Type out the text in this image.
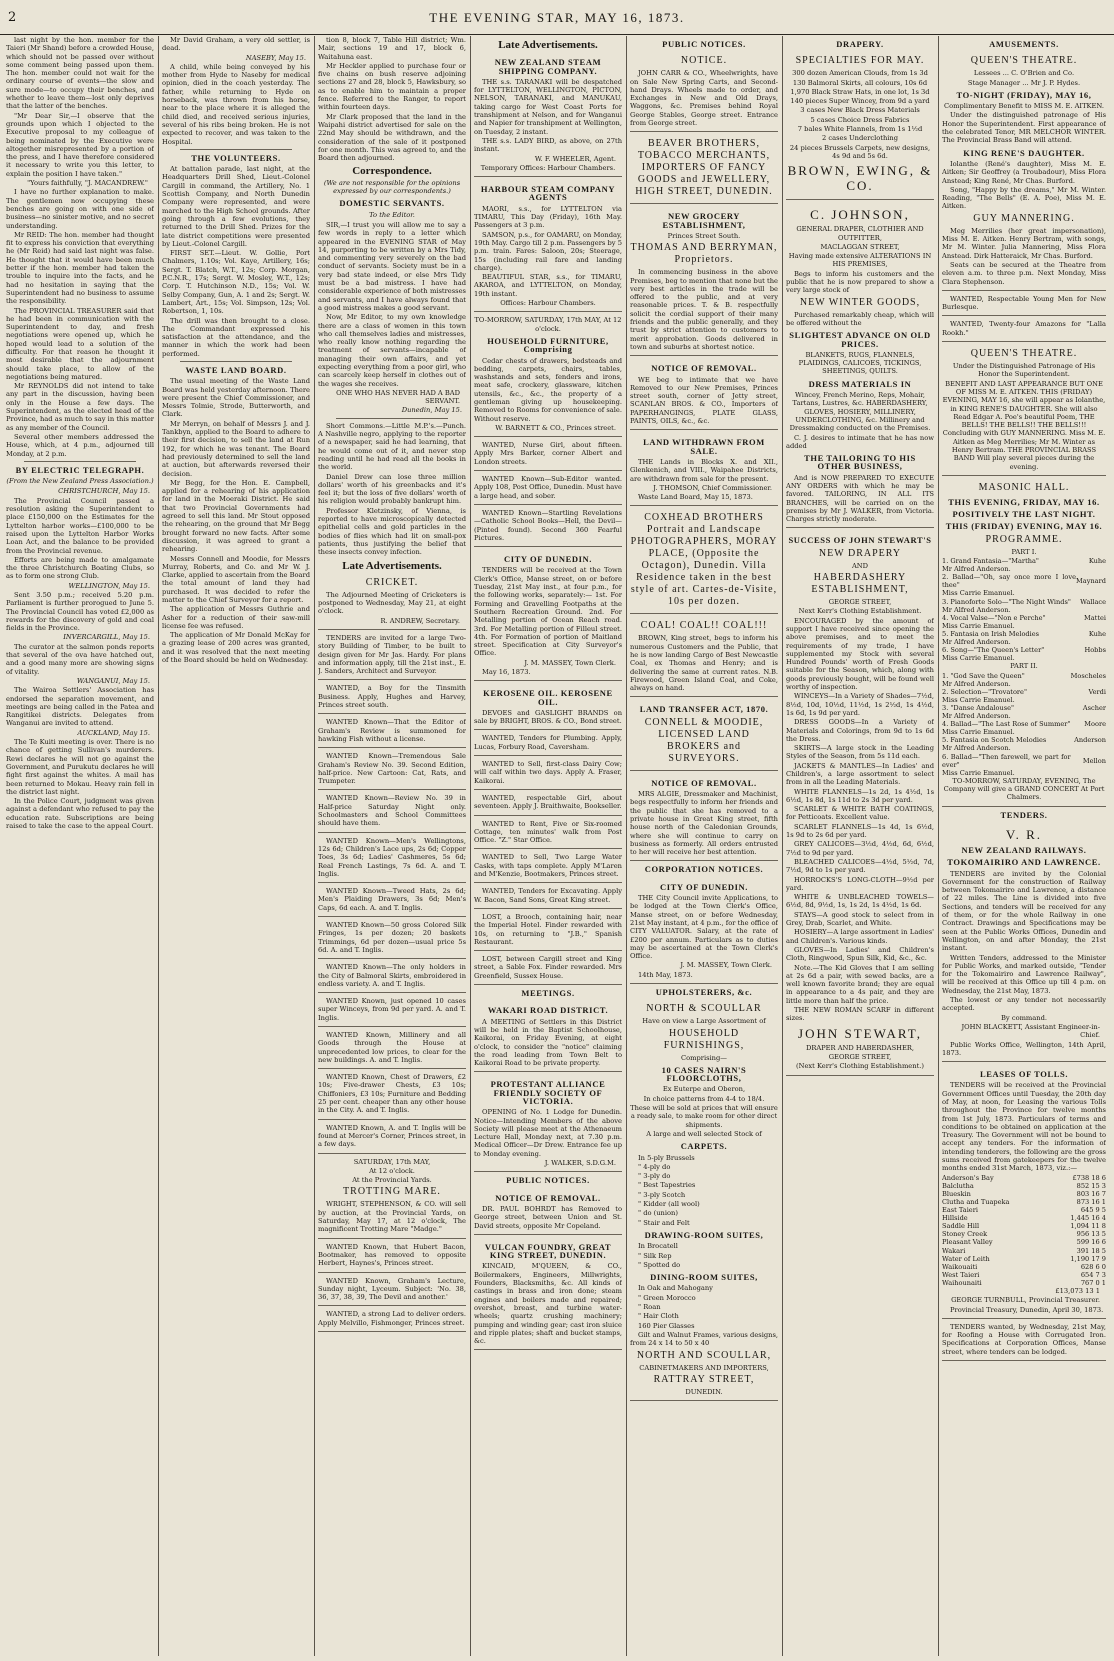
2	THE EVENING STAR, MAY 16, 1873.

last night by the hon. member for the Taieri (Mr Shand) before a crowded House, which should not be passed over without some comment being passed upon them. The hon. member could not wait for the ordinary course of events—the slow and sure mode—to occupy their benches, and whether to leave them—lost only deprives that the latter of the benches.

"Mr Dear Sir,—I observe that the grounds upon which I objected to the Executive proposal to my colleague of being nominated by the Executive were altogether misrepresented by a portion of the press, and I have therefore considered it necessary to write you this letter, to explain the position I have taken."

"Yours faithfully, "J. MACANDREW."

I have no further explanation to make. The gentlemen now occupying these benches are going on with one side of business—no sinister motive, and no secret understanding.

Mr REID: The hon. member had thought fit to express his conviction that everything he (Mr Reid) had said last night was false. He thought that it would have been much better if the hon. member had taken the trouble to inquire into the facts, and he had no hesitation in saying that the Superintendent had no business to assume the responsibility.

The PROVINCIAL TREASURER said that he had been in communication with the Superintendent to day, and fresh negotiations were opened up, which he hoped would lead to a solution of the difficulty. For that reason he thought it most desirable that the adjournment should take place, to allow of the negotiations being matured.

Mr REYNOLDS did not intend to take any part in the discussion, having been only in the House a few days. The Superintendent, as the elected head of the Province, had as much to say in this matter as any member of the Council.

Several other members addressed the House, which, at 4 p.m., adjourned till Monday, at 2 p.m.

BY ELECTRIC TELEGRAPH.

(From the New Zealand Press Association.)

CHRISTCHURCH, May 15.

The Provincial Council passed a resolution asking the Superintendent to place £150,000 on the Estimates for the Lyttelton harbor works—£100,000 to be raised upon the Lyttelton Harbor Works Loan Act, and the balance to be provided from the Provincial revenue.

Efforts are being made to amalgamate the three Christchurch Boating Clubs, so as to form one strong Club.

WELLINGTON, May 15.

Sent 3.50 p.m.; received 5.20 p.m. Parliament is further prorogued to June 5. The Provincial Council has voted £2,000 as rewards for the discovery of gold and coal fields in the Province.

INVERCARGILL, May 15.

The curator at the salmon ponds reports that several of the ova have hatched out, and a good many more are showing signs of vitality.

WANGANUI, May 15.

The Wairoa Settlers' Association has endorsed the separation movement, and meetings are being called in the Patea and Rangitikei districts. Delegates from Wanganui are invited to attend.

AUCKLAND, May 15.

The Te Kuiti meeting is over. There is no chance of getting Sullivan's murderers. Rewi declares he will not go against the Government, and Purukutu declares he will fight first against the whites. A mail has been returned to Mokau. Heavy rain fell in the district last night.

In the Police Court, judgment was given against a defendant who refused to pay the education rate. Subscriptions are being raised to take the case to the appeal Court.

Mr David Graham, a very old settler, is dead.

NASEBY, May 15.

A child, while being conveyed by his mother from Hyde to Naseby for medical opinion, died in the coach yesterday. The father, while returning to Hyde on horseback, was thrown from his horse, near to the place where it is alleged the child died, and received serious injuries, several of his ribs being broken. He is not expected to recover, and was taken to the Hospital.

THE VOLUNTEERS.

At battalion parade, last night, at the Headquarters Drill Shed, Lieut.-Colonel Cargill in command, the Artillery, No. 1 Scottish Company, and North Dunedin Company were represented, and were marched to the High School grounds. After going through a few evolutions, they returned to the Drill Shed. Prizes for the late district competitions were presented by Lieut.-Colonel Cargill.

FIRST SET.—Lieut. W. Gollie, Port Chalmers, 1.10s; Vol. Kaye, Artillery, 16s; Sergt. T. Blatch, W.T., 12s; Corp. Morgan, P.C.N.R., 17s; Sergt. W. Mosley, W.T., 12s; Corp. T. Hutchinson N.D., 15s; Vol. W. Selby Company, Gun, A. 1 and 2s; Sergt. W. Lambert, Art., 15s; Vol. Simpson, 12s; Vol. Robertson, 1, 10s.

The drill was then brought to a close. The Commandant expressed his satisfaction at the attendance, and the manner in which the work had been performed.

WASTE LAND BOARD.

The usual meeting of the Waste Land Board was held yesterday afternoon. There were present the Chief Commissioner, and Messrs Tolmie, Strode, Butterworth, and Clark.

Mr Merryn, on behalf of Messrs J. and J. Tankbyn, applied to the Board to adhere to their first decision, to sell the land at Run 192, for which he was tenant. The Board had previously determined to sell the land at auction, but afterwards reversed their decision.

Mr Begg, for the Hon. E. Campbell, applied for a rehearing of his application for land in the Moeraki District. He said that two Provincial Governments had agreed to sell this land. Mr Stout opposed the rehearing, on the ground that Mr Begg brought forward no new facts. After some discussion, it was agreed to grant a rehearing.

Messrs Connell and Moodie, for Messrs Murray, Roberts, and Co. and Mr W. J. Clarke, applied to ascertain from the Board the total amount of land they had purchased. It was decided to refer the matter to the Chief Surveyor for a report.

The application of Messrs Guthrie and Asher for a reduction of their saw-mill license fee was refused.

The application of Mr Donald McKay for a grazing lease of 200 acres was granted, and it was resolved that the next meeting of the Board should be held on Wednesday.

tion 8, block 7, Table Hill district; Wm. Mair, sections 19 and 17, block 6, Waitahuna east.

Mr Heckler applied to purchase four or five chains on bush reserve adjoining sections 27 and 28, block 5, Hawksbury, so as to enable him to maintain a proper fence. Referred to the Ranger, to report within fourteen days.

Mr Clark proposed that the land in the Waipahi district advertised for sale on the 22nd May should be withdrawn, and the consideration of the sale of it postponed for one month. This was agreed to, and the Board then adjourned.

Correspondence.

(We are not responsible for the opinions expressed by our correspondents.)

DOMESTIC SERVANTS.

To the Editor.

SIR,—I trust you will allow me to say a few words in reply to a letter which appeared in the EVENING STAR of May 14, purporting to be written by a Mrs Tidy, and commenting very severely on the bad conduct of servants. Society must be in a very bad state indeed, or else Mrs Tidy must be a bad mistress. I have had considerable experience of both mistresses and servants, and I have always found that a good mistress makes a good servant.

Now, Mr Editor, to my own knowledge there are a class of women in this town who call themselves ladies and mistresses, who really know nothing regarding the treatment of servants—incapable of managing their own affairs, and yet expecting everything from a poor girl, who can scarcely keep herself in clothes out of the wages she receives.

ONE WHO HAS NEVER HAD A BAD SERVANT.

Dunedin, May 15.

Short Commons.—Little M.P.'s.—Punch. A Nashville negro, applying to the reporter of a newspaper, said he had learning, that he would come out of it, and never stop reading until he had read all the books in the world.

Daniel Drew can lose three million dollars' worth of his greenbacks and it's feel it; but the loss of five dollars' worth of his religion would probably bankrupt him.

Professor Kletzinsky, of Vienna, is reported to have microscopically detected epithelial cells and gold particles in the bodies of flies which had lit on small-pox patients, thus justifying the belief that these insects convey infection.

Late Advertisements.

CRICKET.

The Adjourned Meeting of Cricketers is postponed to Wednesday, May 21, at eight o'clock.

R. ANDREW, Secretary.

TENDERS are invited for a large Two-story Building of Timber, to be built to design given for Mr Jas. Hardy. For plans and information apply, till the 21st inst., E. J. Sanders, Architect and Surveyor.

WANTED, a Boy for the Tinsmith Business. Apply, Hughes and Harvey, Princes street south.

WANTED Known—That the Editor of Graham's Review is summoned for hawking Fish without a license.

WANTED Known—Tremendous Sale Graham's Review No. 39. Second Edition, half-price. New Cartoon: Cat, Rats, and Trumpeter.

WANTED Known—Review No. 39 in Half-price Saturday Night only. Schoolmasters and School Committees should have them.

WANTED Known—Men's Wellingtons, 12s 6d; Children's Lace ups, 2s 6d; Copper Toes, 3s 6d; Ladies' Cashmeres, 5s 6d; Real French Lastings, 7s 6d. A. and T. Inglis.

WANTED Known—Tweed Hats, 2s 6d; Men's Plaiding Drawers, 3s 6d; Men's Caps, 6d each. A. and T. Inglis.

WANTED Known—50 gross Colored Silk Fringes, 1s per dozen; 20 baskets Trimmings, 6d per dozen—usual price 5s 6d. A. and T. Inglis.

WANTED Known—The only holders in the City of Balmoral Skirts, embroidered in endless variety. A. and T. Inglis.

WANTED Known, just opened 10 cases super Winceys, from 9d per yard. A. and T. Inglis.

WANTED Known, Millinery and all Goods through the House at unprecedented low prices, to clear for the new buildings. A. and T. Inglis.

WANTED Known, Chest of Drawers, £2 10s; Five-drawer Chests, £3 10s; Chiffoniers, £3 10s; Furniture and Bedding 25 per cent. cheaper than any other house in the City. A. and T. Inglis.

WANTED Known, A. and T. Inglis will be found at Mercer's Corner, Princes street, in a few days.

SATURDAY, 17th MAY,

At 12 o'clock.

At the Provincial Yards.

TROTTING MARE.

WRIGHT, STEPHENSON, & CO. will sell by auction, at the Provincial Yards, on Saturday, May 17, at 12 o'clock, The magnificent Trotting Mare "Madge."

WANTED Known, that Hubert Bacon, Bootmaker, has removed to opposite Herbert, Haynes's, Princes street.

WANTED Known, Graham's Lecture, Sunday night, Lyceum. Subject: 'No. 38, 36, 37, 38, 39, The Devil and another.'

WANTED, a strong Lad to deliver orders. Apply Melvillo, Fishmonger, Princes street.

Late Advertisements.

NEW ZEALAND STEAM SHIPPING COMPANY.

THE s.s. TARANAKI will be despatched for LYTTELTON, WELLINGTON, PICTON, NELSON, TARANAKI, and MANUKAU, taking cargo for West Coast Ports for transhipment at Nelson, and for Wanganui and Napier for transhipment at Wellington, on Tuesday, 2 instant.

THE s.s. LADY BIRD, as above, on 27th instant.

W. F. WHEELER, Agent.

Temporary Offices: Harbour Chambers.

HARBOUR STEAM COMPANY AGENTS

MAORI, s.s., for LYTTELTON via TIMARU, This Day (Friday), 16th May. Passengers at 3 p.m.

SAMSON, p.s., for OAMARU, on Monday, 19th May. Cargo till 2 p.m. Passengers by 5 p.m. train. Fares: Saloon, 20s; Steerage, 15s (including rail fare and landing charge).

BEAUTIFUL STAR, s.s., for TIMARU, AKAROA, and LYTTELTON, on Monday, 19th instant.

Offices: Harbour Chambers.

TO-MORROW, SATURDAY, 17th MAY, At 12 o'clock.

HOUSEHOLD FURNITURE, Comprising

Cedar chests of drawers, bedsteads and bedding, carpets, chairs, tables, washstands and sets, fenders and irons, meat safe, crockery, glassware, kitchen utensils, &c., &c., the property of a gentleman giving up housekeeping. Removed to Rooms for convenience of sale. Without reserve.

W. BARNETT & CO., Princes street.

WANTED, Nurse Girl, about fifteen. Apply Mrs Barker, corner Albert and London streets.

WANTED Known—Sub-Editor wanted. Apply 108, Post Office, Dunedin. Must have a large head, and sober.

WANTED Known—Startling Revelations—Catholic School Books—Hell, the Devil—(Pinted found). Second 360 Fearful Pictures.

CITY OF DUNEDIN.

TENDERS will be received at the Town Clerk's Office, Manse street, on or before Tuesday, 21st May inst., at four p.m., for the following works, separately:— 1st. For Forming and Gravelling Footpaths at the Southern Recreation Ground. 2nd. For Metalling portion of Ocean Reach road. 3rd. For Metalling portion of Filleul street. 4th. For Formation of portion of Maitland street. Specification at City Surveyor's Office.

J. M. MASSEY, Town Clerk.

May 16, 1873.

KEROSENE OIL. KEROSENE OIL.

DEVOES and GASLIGHT BRANDS on sale by BRIGHT, BROS. & CO., Bond street.

WANTED, Tenders for Plumbing. Apply, Lucas, Forbury Road, Caversham.

WANTED to Sell, first-class Dairy Cow; will calf within two days. Apply A. Fraser, Kaikorai.

WANTED, respectable Girl, about seventeen. Apply J. Braithwaite, Bookseller.

WANTED to Rent, Five or Six-roomed Cottage, ten minutes' walk from Post Office. "Z." Star Office.

WANTED to Sell, Two Large Water Casks, with taps complete. Apply M'Laren and M'Kenzie, Bootmakers, Princes street.

WANTED, Tenders for Excavating. Apply W. Bacon, Sand Sons, Great King street.

LOST, a Brooch, containing hair, near the Imperial Hotel. Finder rewarded with 10s, on returning to "J.B.," Spanish Restaurant.

LOST, between Cargill street and King street, a Sable Fox. Finder rewarded. Mrs Greenfield, Sussex House.

MEETINGS.

WAKARI ROAD DISTRICT.

A MEETING of Settlers in this District will be held in the Baptist Schoolhouse, Kaikorai, on Friday Evening, at eight o'clock, to consider the "notice" claiming the road leading from Town Belt to Kaikorai Road to be private property.

PROTESTANT ALLIANCE FRIENDLY SOCIETY OF VICTORIA.

OPENING of No. 1 Lodge for Dunedin. Notice—Intending Members of the above Society will please meet at the Athenaeum Lecture Hall, Monday next, at 7.30 p.m. Medical Officer—Dr Drew. Entrance fee up to Monday evening.

J. WALKER, S.D.G.M.

PUBLIC NOTICES.

NOTICE OF REMOVAL.

DR. PAUL BOHRDT has Removed to George street, between Union and St. David streets, opposite Mr Copeland.

VULCAN FOUNDRY, GREAT KING STREET, DUNEDIN.

KINCAID, M'QUEEN, & CO., Boilermakers, Engineers, Millwrights, Founders, Blacksmiths, &c. All kinds of castings in brass and iron done; steam engines and boilers made and repaired; overshot, breast, and turbine water-wheels; quartz crushing machinery; pumping and winding gear; cast iron sluice and ripple plates; shaft and bucket stamps, &c.

PUBLIC NOTICES.

NOTICE.

JOHN CARR & CO., Wheelwrights, have on Sale New Spring Carts, and Second-hand Drays. Wheels made to order, and Exchanges in New and Old Drays, Waggons, &c. Premises behind Royal George Stables, George street. Entrance from George street.

BEAVER BROTHERS, TOBACCO MERCHANTS, IMPORTERS OF FANCY GOODS and JEWELLERY, HIGH STREET, DUNEDIN.

NEW GROCERY ESTABLISHMENT,

Princes Street South.

THOMAS AND BERRYMAN, Proprietors.

In commencing business in the above Premises, beg to mention that none but the very best articles in the trade will be offered to the public, and at very reasonable prices. T. & B. respectfully solicit the cordial support of their many friends and the public generally, and they trust by strict attention to customers to merit approbation. Goods delivered in town and suburbs at shortest notice.

NOTICE OF REMOVAL.

WE beg to intimate that we have Removed to our New Premises, Princes street south, corner of Jetty street, SCANLAN BROS. & CO., Importers of PAPERHANGINGS, PLATE GLASS, PAINTS, OILS, &c., &c.

LAND WITHDRAWN FROM SALE.

THE Lands in Blocks X. and XII., Glenkenich, and VIII., Waipahee Districts, are withdrawn from sale for the present.

J. THOMSON, Chief Commissioner.

Waste Land Board, May 15, 1873.

COXHEAD BROTHERS Portrait and Landscape PHOTOGRAPHERS, MORAY PLACE, (Opposite the Octagon), Dunedin. Villa Residence taken in the best style of art. Cartes-de-Visite, 10s per dozen.

COAL! COAL!! COAL!!!

BROWN, King street, begs to inform his numerous Customers and the Public, that he is now landing Cargo of Best Newcastle Coal, ex Thomas and Henry; and is delivering the same at current rates. N.B. Firewood, Green Island Coal, and Coke, always on hand.

LAND TRANSFER ACT, 1870.

CONNELL & MOODIE, LICENSED LAND BROKERS and SURVEYORS.

NOTICE OF REMOVAL.

MRS ALGIE, Dressmaker and Machinist, begs respectfully to inform her friends and the public that she has removed to a private house in Great King street, fifth house north of the Caledonian Grounds, where she will continue to carry on business as formerly. All orders entrusted to her will receive her best attention.

CORPORATION NOTICES.

CITY OF DUNEDIN.

THE City Council invite Applications, to be lodged at the Town Clerk's Office, Manse street, on or before Wednesday, 21st May instant, at 4 p.m., for the office of CITY VALUATOR. Salary, at the rate of £200 per annum. Particulars as to duties may be ascertained at the Town Clerk's Office.

J. M. MASSEY, Town Clerk.

14th May, 1873.

UPHOLSTERERS, &c.

NORTH & SCOULLAR

Have on view a Large Assortment of

HOUSEHOLD FURNISHINGS,

Comprising—

10 CASES NAIRN'S FLOORCLOTHS,

Ex Euterpe and Oberon,

In choice patterns from 4-4 to 18/4.

These will be sold at prices that will ensure a ready sale, to make room for other direct shipments.

A large and well selected Stock of

CARPETS.

In 5-ply Brussels

" 4-ply do

" 3-ply do

" Best Tapestries

" 3-ply Scotch

" Kidder (all wool)

" do (union)

" Stair and Felt

DRAWING-ROOM SUITES,

In Brocatell

" Silk Rep

" Spotted do

DINING-ROOM SUITES,

In Oak and Mahogany

" Green Morocco

" Roan

" Hair Cloth

160 Pier Glasses

Gilt and Walnut Frames, various designs, from 24 x 14 to 50 x 40

NORTH AND SCOULLAR,

CABINETMAKERS AND IMPORTERS,

RATTRAY STREET,

DUNEDIN.

DRAPERY.

SPECIALTIES FOR MAY.

300 dozen American Clouds, from 1s 3d

130 Balmoral Skirts, all colours, 10s 6d

1,970 Black Straw Hats, in one lot, 1s 3d

140 pieces Super Wincey, from 9d a yard

3 cases New Black Dress Materials

5 cases Choice Dress Fabrics

7 bales White Flannels, from 1s 1½d

2 cases Underclothing

24 pieces Brussels Carpets, new designs, 4s 9d and 5s 6d.

BROWN, EWING, & CO.

C. JOHNSON,

GENERAL DRAPER, CLOTHIER AND OUTFITTER,

MACLAGGAN STREET,

Having made extensive ALTERATIONS IN HIS PREMISES,

Begs to inform his customers and the public that he is now prepared to show a very large stock of

NEW WINTER GOODS,

Purchased remarkably cheap, which will be offered without the

SLIGHTEST ADVANCE ON OLD PRICES.

BLANKETS, RUGS, FLANNELS, PLAIDINGS, CALICOES, TICKINGS, SHEETINGS, QUILTS.

DRESS MATERIALS IN

Wincey, French Merino, Reps, Mohair, Tartans, Lustres, &c. HABERDASHERY, GLOVES, HOSIERY, MILLINERY, UNDERCLOTHING, &c. Millinery and Dressmaking conducted on the Premises.

C. J. desires to intimate that he has now added

THE TAILORING TO HIS OTHER BUSINESS,

And is NOW PREPARED TO EXECUTE ANY ORDERS with which he may be favored. TAILORING, IN ALL ITS BRANCHES, will be carried on on the premises by Mr J. WALKER, from Victoria. Charges strictly moderate.

SUCCESS OF JOHN STEWART'S

NEW DRAPERY

AND

HABERDASHERY ESTABLISHMENT,

GEORGE STREET,

Next Kerr's Clothing Establishment.

ENCOURAGED by the amount of support I have received since opening the above premises, and to meet the requirements of my trade, I have supplemented my Stock with several Hundred Pounds' worth of Fresh Goods suitable for the Season, which, along with goods previously bought, will be found well worthy of inspection.

WINCEYS—In a Variety of Shades—7½d, 8½d, 10d, 10½d, 11½d, 1s 2½d, 1s 4½d, 1s 6d, 1s 9d per yard.

DRESS GOODS—In a Variety of Materials and Colorings, from 9d to 1s 6d the Dress.

SKIRTS—A large stock in the Leading Styles of the Season, from 5s 11d each.

JACKETS & MANTLES—In Ladies' and Children's, a large assortment to select from in all the Leading Materials.

WHITE FLANNELS—1s 2d, 1s 4½d, 1s 6½d, 1s 8d, 1s 11d to 2s 3d per yard.

SCARLET & WHITE BATH COATINGS, for Petticoats. Excellent value.

SCARLET FLANNELS—1s 4d, 1s 6½d, 1s 9d to 2s 6d per yard.

GREY CALICOES—3½d, 4½d, 6d, 6½d, 7½d to 9d per yard.

BLEACHED CALICOES—4½d, 5½d, 7d, 7½d, 9d to 1s per yard.

HORROCKS'S LONG-CLOTH—9½d per yard.

WHITE & UNBLEACHED TOWELS—6½d, 8d, 9½d, 1s, 1s 2d, 1s 4½d, 1s 6d.

STAYS—A good stock to select from in Grey, Drab, Scarlet, and White.

HOSIERY—A large assortment in Ladies' and Children's. Various kinds.

GLOVES—In Ladies' and Children's Cloth, Ringwood, Spun Silk, Kid, &c., &c.

Note.—The Kid Gloves that I am selling at 2s 6d a pair, with sewed backs, are a well known favorite brand; they are equal in appearance to a 4s pair, and they are little more than half the price.

THE NEW ROMAN SCARF in different sizes.

JOHN STEWART,

DRAPER AND HABERDASHER,

GEORGE STREET,

(Next Kerr's Clothing Establishment.)

AMUSEMENTS.

QUEEN'S THEATRE.

Lessees ... C. O'Brien and Co.

Stage Manager ... Mr J. P. Hydes.

TO-NIGHT (FRIDAY), MAY 16,

Complimentary Benefit to MISS M. E. AITKEN.

Under the distinguished patronage of His Honor the Superintendent. First appearance of the celebrated Tenor, MR MELCHOR WINTER. The Provincial Brass Band will attend.

KING RENE'S DAUGHTER.

Iolanthe (René's daughter), Miss M. E. Aitken; Sir Geoffrey (a Troubadour), Miss Flora Anstead; King René, Mr Chas. Burford.

Song, "Happy by the dreams," Mr M. Winter. Reading, "The Bells" (E. A. Poe), Miss M. E. Aitken.

GUY MANNERING.

Meg Merrilies (her great impersonation), Miss M. E. Aitken. Henry Bertram, with songs, Mr M. Winter. Julia Mannering, Miss Flora Anstead. Dirk Hatteraick, Mr Chas. Burford.

Seats can be secured at the Theatre from eleven a.m. to three p.m. Next Monday, Miss Clara Stephenson.

WANTED, Respectable Young Men for New Burlesque.

WANTED, Twenty-four Amazons for "Lalla Rookh."

QUEEN'S THEATRE.

Under the Distinguished Patronage of His Honor the Superintendent.

BENEFIT AND LAST APPEARANCE BUT ONE OF MISS M. E. AITKEN. THIS (FRIDAY) EVENING, MAY 16, she will appear as Iolanthe, in KING RENE'S DAUGHTER. She will also Read Edgar A. Poe's beautiful Poem, THE BELLS! THE BELLS!! THE BELLS!!! Concluding with GUY MANNERING. Miss M. E. Aitken as Meg Merrilies; Mr M. Winter as Henry Bertram. THE PROVINCIAL BRASS BAND Will play several pieces during the evening.

MASONIC HALL.

THIS EVENING, FRIDAY, MAY 16.

POSITIVELY THE LAST NIGHT.

THIS (FRIDAY) EVENING, MAY 16.

PROGRAMME.

PART I.

1. Grand Fantasia—"Martha"	Kuhe
Mr Alfred Anderson.	
2. Ballad—"Oh, say once more I love thee"	Maynard
Miss Carrie Emanuel.	
3. Pianoforte Solo—"The Night Winds"	Wallace
Mr Alfred Anderson.	
4. Vocal Valse—"Non e Perche"	Mattei
Miss Carrie Emanuel.	
5. Fantasia on Irish Melodies	Kuhe
Mr Alfred Anderson.	
6. Song—"The Queen's Letter"	Hobbs
Miss Carrie Emanuel.	

PART II.

1. "God Save the Queen"	Moscheles
Mr Alfred Anderson.	
2. Selection—"Trovatore"	Verdi
Miss Carrie Emanuel.	
3. "Danse Andalouse"	Ascher
Mr Alfred Anderson.	
4. Ballad—"The Last Rose of Summer"	Moore
Miss Carrie Emanuel.	
5. Fantasia on Scotch Melodies	Anderson
Mr Alfred Anderson.	
6. Ballad—"Then farewell, we part for ever"	Mellon
Miss Carrie Emanuel.	

TO-MORROW, SATURDAY, EVENING, The Company will give a GRAND CONCERT At Port Chalmers.

TENDERS.

V. R.

NEW ZEALAND RAILWAYS.

TOKOMAIRIRO AND LAWRENCE.

TENDERS are invited by the Colonial Government for the construction of Railway between Tokomairiro and Lawrence, a distance of 22 miles. The Line is divided into five Sections, and tenders will be received for any of them, or for the whole Railway in one Contract. Drawings and Specifications may be seen at the Public Works Offices, Dunedin and Wellington, on and after Monday, the 21st instant.

Written Tenders, addressed to the Minister for Public Works, and marked outside, "Tender for the Tokomairiro and Lawrence Railway", will be received at this Office up till 4 p.m. on Wednesday, the 21st May, 1873.

The lowest or any tender not necessarily accepted.

By command.

JOHN BLACKETT, Assistant Engineer-in-Chief.

Public Works Office, Wellington, 14th April, 1873.

LEASES OF TOLLS.

TENDERS will be received at the Provincial Government Offices until Tuesday, the 20th day of May, at noon, for Leasing the various Tolls throughout the Province for twelve months from 1st July, 1873. Particulars of terms and conditions to be obtained on application at the Treasury. The Government will not be bound to accept any tenders. For the information of intending tenderers, the following are the gross sums received from gatekeepers for the twelve months ended 31st March, 1873, viz.:—

Anderson's Bay	£738 18 6
Balclutha	852 15 3
Blueskin	803 16 7
Clutha and Tuapeka	873 16 1
East Taieri	645 9 5
Hillside	1,445 16 4
Saddle Hill	1,094 11 8
Stoney Creek	956 13 5
Pleasant Valley	599 16 6
Wakari	391 18 5
Water of Leith	1,190 17 9
Waikouaiti	628 6 0
West Taieri	654 7 3
Waihounaiti	767 0 1

£13,073 13 1

GEORGE TURNBULL, Provincial Treasurer.

Provincial Treasury, Dunedin, April 30, 1873.

TENDERS wanted, by Wednesday, 21st May, for Roofing a House with Corrugated Iron. Specifications at Corporation Offices, Manse street, where tenders can be lodged.
